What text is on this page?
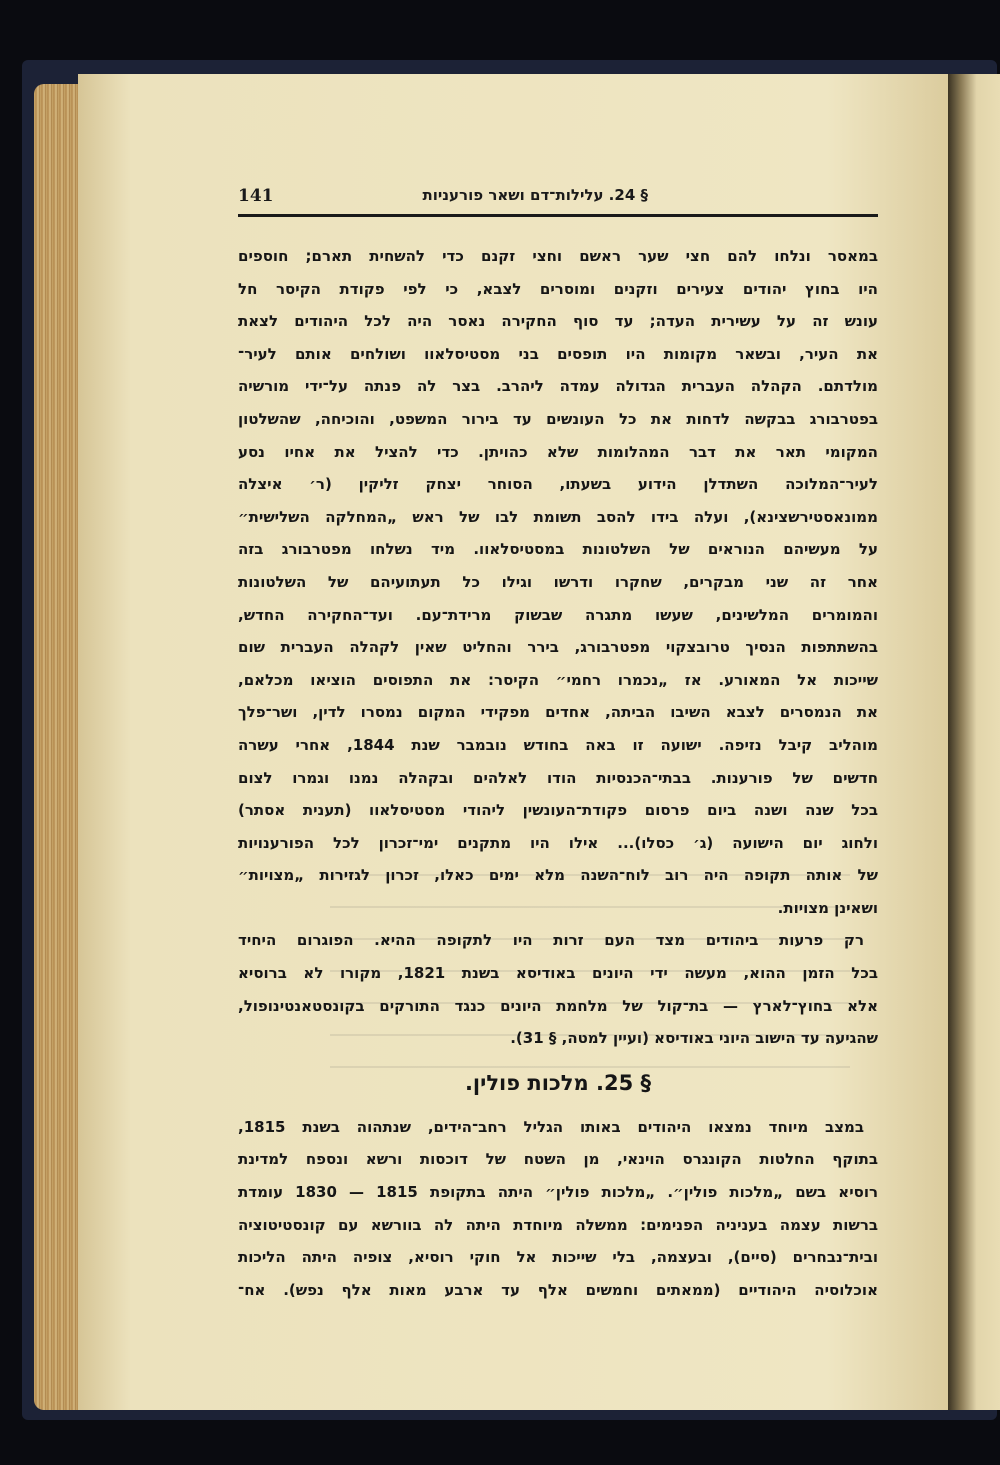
141	§ 24. עלילות־דם ושאר פורעניות
במאסר ונלחו להם חצי שער ראשם וחצי זקנם כדי להשחית תארם; חוספים
היו בחוץ יהודים צעירים וזקנים ומוסרים לצבא, כי לפי פקודת הקיסר חל
עונש זה על עשירית העדה; עד סוף החקירה נאסר היה לכל היהודים לצאת
את העיר, ובשאר מקומות היו תופסים בני מסטיסלאוו ושולחים אותם לעיר־
מולדתם. הקהלה העברית הגדולה עמדה ליהרב. בצר לה פנתה על־ידי מורשיה
בפטרבורג בבקשה לדחות את כל העונשים עד בירור המשפט, והוכיחה, שהשלטון
המקומי תאר את דבר המהלומות שלא כהויתן. כדי להציל את אחיו נסע
לעיר־המלוכה השתדלן הידוע בשעתו, הסוחר יצחק זליקין (ר׳ איצלה
ממונאסטירשצינא), ועלה בידו להסב תשומת לבו של ראש „המחלקה השלישית״
על מעשיהם הנוראים של השלטונות במסטיסלאוו. מיד נשלחו מפטרבורג בזה
אחר זה שני מבקרים, שחקרו ודרשו וגילו כל תעתועיהם של השלטונות
והמומרים המלשינים, שעשו מתגרה שבשוק מרידת־עם. ועד־החקירה החדש,
בהשתתפות הנסיך טרובצקוי מפטרבורג, בירר והחליט שאין לקהלה העברית שום
שייכות אל המאורע. אז „נכמרו רחמי״ הקיסר: את התפוסים הוציאו מכלאם,
את הנמסרים לצבא השיבו הביתה, אחדים מפקידי המקום נמסרו לדין, ושר־פלך
מוהליב קיבל נזיפה. ישועה זו באה בחודש נובמבר שנת 1844, אחרי עשרה
חדשים של פורענות. בבתי־הכנסיות הודו לאלהים ובקהלה נמנו וגמרו לצום
בכל שנה ושנה ביום פרסום פקודת־העונשין ליהודי מסטיסלאוו (תענית אסתר)
ולחוג יום הישועה (ג׳ כסלו)... אילו היו מתקנים ימי־זכרון לכל הפורענויות
של אותה תקופה היה רוב לוח־השנה מלא ימים כאלו, זכרון לגזירות „מצויות״
ושאינן מצויות.
רק פרעות ביהודים מצד העם זרות היו לתקופה ההיא. הפוגרום היחיד
בכל הזמן ההוא, מעשה ידי היונים באודיסא בשנת 1821, מקורו לא ברוסיא
אלא בחוץ־לארץ — בת־קול של מלחמת היונים כנגד התורקים בקונסטאנטינופול,
שהגיעה עד הישוב היוני באודיסא (ועיין למטה, § 31).
§ 25. מלכות פולין.
במצב מיוחד נמצאו היהודים באותו הגליל רחב־הידים, שנתהוה בשנת 1815,
בתוקף החלטות הקונגרס הוינאי, מן השטח של דוכסות ורשא ונספח למדינת
רוסיא בשם „מלכות פולין״. „מלכות פולין״ היתה בתקופת 1815 — 1830 עומדת
ברשות עצמה בעניניה הפנימים: ממשלה מיוחדת היתה לה בוורשא עם קונסטיטוציה
ובית־נבחרים (סיים), ובעצמה, בלי שייכות אל חוקי רוסיא, צופיה היתה הליכות
אוכלוסיה היהודיים (ממאתים וחמשים אלף עד ארבע מאות אלף נפש). אח־
